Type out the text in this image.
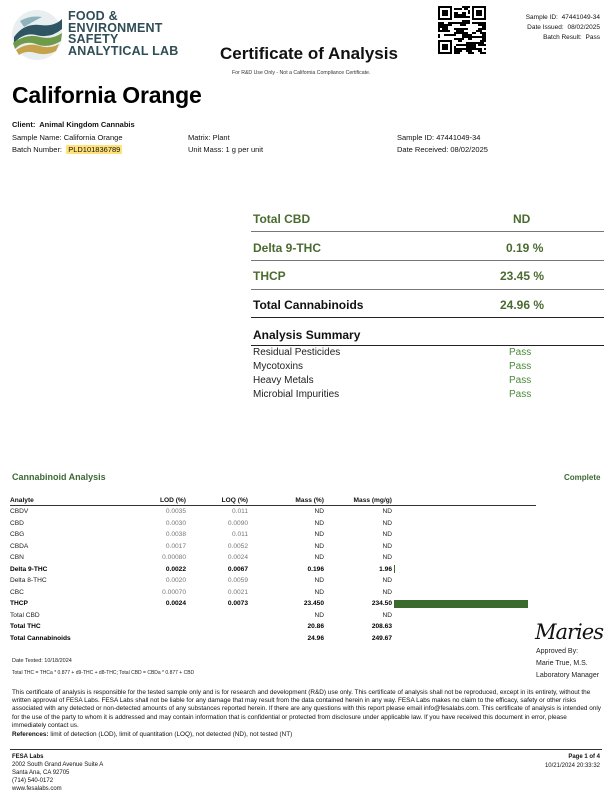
FOOD &
ENVIRONMENT
SAFETY
ANALYTICAL LAB Certificate of Analysis
For R&D Use Only - Not a California Compliance Certificate.
Sample ID: 47441049-34
Date Issued: 08/02/2025
Batch Result: Pass
California Orange
Client: Animal Kingdom Cannabis
Sample Name: California Orange
Batch Number: PLD101836789
Matrix: Plant
Unit Mass: 1 g per unit
Sample ID: 47441049-34
Date Received: 08/02/2025
Total CBD	ND
Delta 9-THC	0.19 %
THCP	23.45 %
Total Cannabinoids	24.96 %
Analysis Summary
Residual Pesticides	Pass
Mycotoxins	Pass
Heavy Metals	Pass
Microbial Impurities	Pass
Cannabinoid Analysis	Complete
Analyte	LOD (%)	LOQ (%)	Mass (%)	Mass (mg/g)	
CBDV	0.0035	0.011	ND	ND	
CBD	0.0030	0.0090	ND	ND	
CBG	0.0038	0.011	ND	ND	
CBDA	0.0017	0.0052	ND	ND	
CBN	0.00080	0.0024	ND	ND	
Delta 9-THC	0.0022	0.0067	0.196	1.96	
Delta 8-THC	0.0020	0.0059	ND	ND	
CBC	0.00070	0.0021	ND	ND	
THCP	0.0024	0.0073	23.450	234.50	
Total CBD			ND	ND	
Total THC			20.86	208.63	
Total Cannabinoids			24.96	249.67	
Date Tested: 10/18/2024
Total THC = THCa * 0.877 + d9-THC + d8-THC; Total CBD = CBDa * 0.877 + CBD
Maries
Approved By:
Marie True, M.S.
Laboratory Manager
This certificate of analysis is responsible for the tested sample only and is for research and development (R&D) use only. This certificate of analysis shall not be reproduced, except in its entirety, without the written approval of FESA Labs. FESA Labs shall not be liable for any damage that may result from the data contained herein in any way. FESA Labs makes no claim to the efficacy, safety or other risks associated with any detected or non-detected amounts of any substances reported herein. If there are any questions with this report please email info@fesalabs.com. This certificate of analysis is intended only for the use of the party to whom it is addressed and may contain information that is confidential or protected from disclosure under applicable law. If you have received this document in error, please immediately contact us.
References: limit of detection (LOD), limit of quantitation (LOQ), not detected (ND), not tested (NT)
FESA Labs
2002 South Grand Avenue Suite A
Santa Ana, CA 92705
(714) 540-0172
www.fesalabs.com
Page 1 of 4
10/21/2024 20:33:32
